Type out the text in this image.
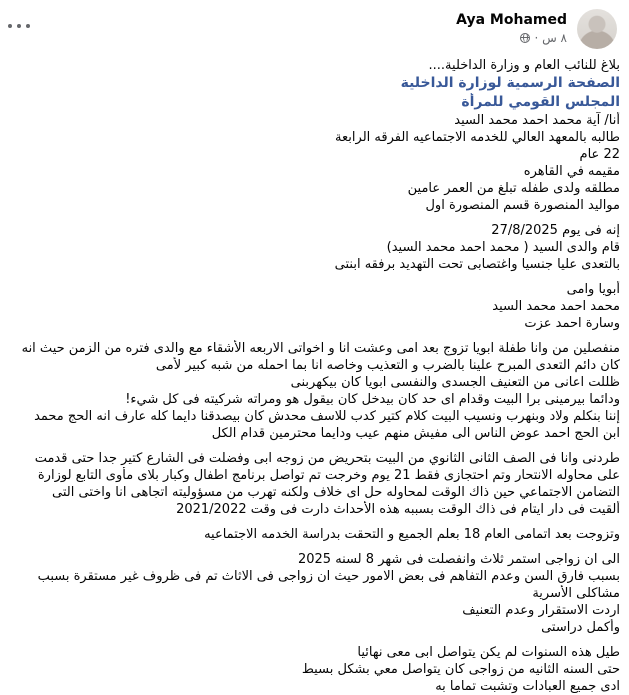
Aya Mohamed
٨ س ·
بلاغ للنائب العام و وزارة الداخلية....
الصفحة الرسمية لوزارة الداخلية
المجلس القومي للمرأة
أنا/ آية محمد احمد محمد السيد
طالبه بالمعهد العالي للخدمه الاجتماعيه الفرقه الرابعة
22 عام
مقيمه في القاهره
مطلقه ولدى طفله تبلغ من العمر عامين
مواليد المنصورة قسم المنصورة اول
إنه فى يوم 27/8/2025
قام والدى السيد ( محمد احمد محمد السيد)
بالتعدى عليا جنسيا واغتصابى تحت التهديد برفقه ابنتى
أبويا وامى
محمد احمد محمد السيد
وسارة احمد عزت
منفصلين من وانا طفلة ابويا تزوج بعد امى وعشت انا و اخواتى الاربعه الأشقاء مع والدى فتره من الزمن حيث انه
كان دائم التعدى المبرح علينا بالضرب و التعذيب وخاصه انا بما احمله من شبه كبير لأمى
ظللت اعانى من التعنيف الجسدى والنفسى ابويا كان بيكهربنى
ودائما بيرمينى برا البيت وقدام اى حد كان بيدخل كان بيقول هو ومراته شركيته فى كل شيء!
إننا بنكلم ولاد وبنهرب ونسيب البيت كلام كتير كدب للاسف محدش كان بيصدقنا دايما كله عارف انه الحج محمد
ابن الحج احمد عوض الناس الى مفيش منهم عيب ودايما محترمين قدام الكل
طردنى وانا فى الصف الثانى الثانوي من البيت بتحريض من زوجه ابى وفضلت فى الشارع كتير جدا حتى قدمت
على محاوله الانتحار وتم احتجازى فقط 21 يوم وخرجت تم تواصل برنامج اطفال وكبار بلاى مأوى التابع لوزارة
التضامن الاجتماعي حين ذاك الوقت لمحاوله حل اى خلاف ولكنه تهرب من مسؤوليته اتجاهى انا واختى التى
ألقيت فى دار ايتام فى ذاك الوقت بسببه هذه الأحداث دارت فى وقت 2021/2022
وتزوجت بعد اتمامى العام 18 بعلم الجميع و التحقت بدراسة الخدمه الاجتماعيه
الى ان زواجى استمر ثلاث وانفصلت فى شهر 8 لسنه 2025
بسبب فارق السن وعدم التفاهم فى بعض الامور حيث ان زواجى فى الاثاث تم فى ظروف غير مستقرة بسبب
مشاكلى الأسرية
اردت الاستقرار وعدم التعنيف
وأكمل دراستى
طيل هذه السنوات لم يكن يتواصل ابى معى نهائيا
حتى السنه الثانيه من زواجى كان يتواصل معي بشكل بسيط
ادى جميع العبادات وتشبت تماما به
